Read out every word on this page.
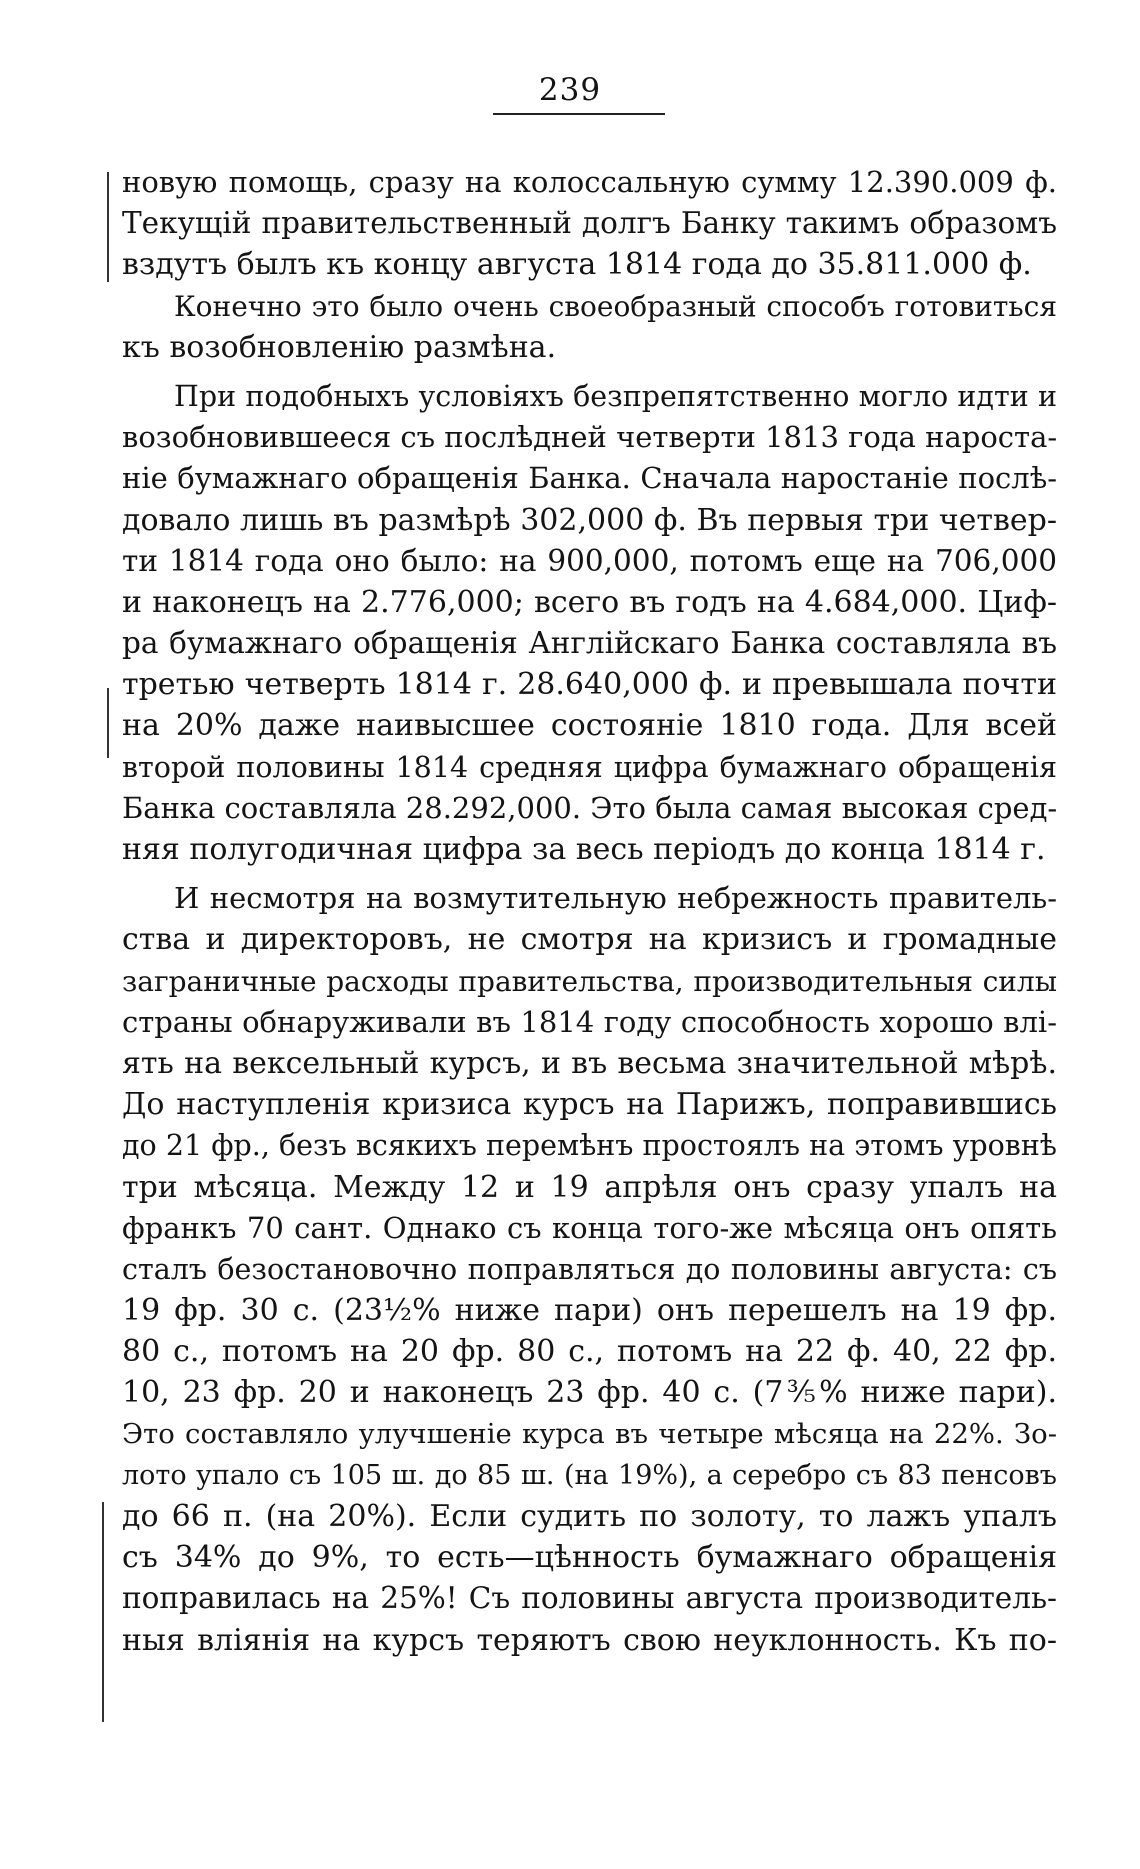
239
новую помощь, сразу на колоссальную сумму 12.390.009 ф.
Текущій правительственный долгъ Банку такимъ образомъ
вздутъ былъ къ концу августа 1814 года до 35.811.000 ф.
Конечно это было очень своеобразный способъ готовиться
къ возобновленію размѣна.
При подобныхъ условіяхъ безпрепятственно могло идти и
возобновившееся съ послѣдней четверти 1813 года нароста-
ніе бумажнаго обращенія Банка. Сначала наростаніе послѣ-
довало лишь въ размѣрѣ 302,000 ф. Въ первыя три четвер-
ти 1814 года оно было: на 900,000, потомъ еще на 706,000
и наконецъ на 2.776,000; всего въ годъ на 4.684,000. Циф-
ра бумажнаго обращенія Англійскаго Банка составляла въ
третью четверть 1814 г. 28.640,000 ф. и превышала почти
на 20% даже наивысшее состояніе 1810 года. Для всей
второй половины 1814 средняя цифра бумажнаго обращенія
Банка составляла 28.292,000. Это была самая высокая сред-
няя полугодичная цифра за весь періодъ до конца 1814 г.
И несмотря на возмутительную небрежность правитель-
ства и директоровъ, не смотря на кризисъ и громадные
заграничные расходы правительства, производительныя силы
страны обнаруживали въ 1814 году способность хорошо влі-
ять на вексельный курсъ, и въ весьма значительной мѣрѣ.
До наступленія кризиса курсъ на Парижъ, поправившись
до 21 фр., безъ всякихъ перемѣнъ простоялъ на этомъ уровнѣ
три мѣсяца. Между 12 и 19 апрѣля онъ сразу упалъ на
франкъ 70 сант. Однако съ конца того-же мѣсяца онъ опять
сталъ безостановочно поправляться до половины августа: съ
19 фр. 30 с. (23½% ниже пари) онъ перешелъ на 19 фр.
80 с., потомъ на 20 фр. 80 с., потомъ на 22 ф. 40, 22 фр.
10, 23 фр. 20 и наконецъ 23 фр. 40 с. (7⅗% ниже пари).
Это составляло улучшеніе курса въ четыре мѣсяца на 22%. Зо-
лото упало съ 105 ш. до 85 ш. (на 19%), а серебро съ 83 пенсовъ
до 66 п. (на 20%). Если судить по золоту, то лажъ упалъ
съ 34% до 9%, то есть—цѣнность бумажнаго обращенія
поправилась на 25%! Съ половины августа производитель-
ныя вліянія на курсъ теряютъ свою неуклонность. Къ по-
